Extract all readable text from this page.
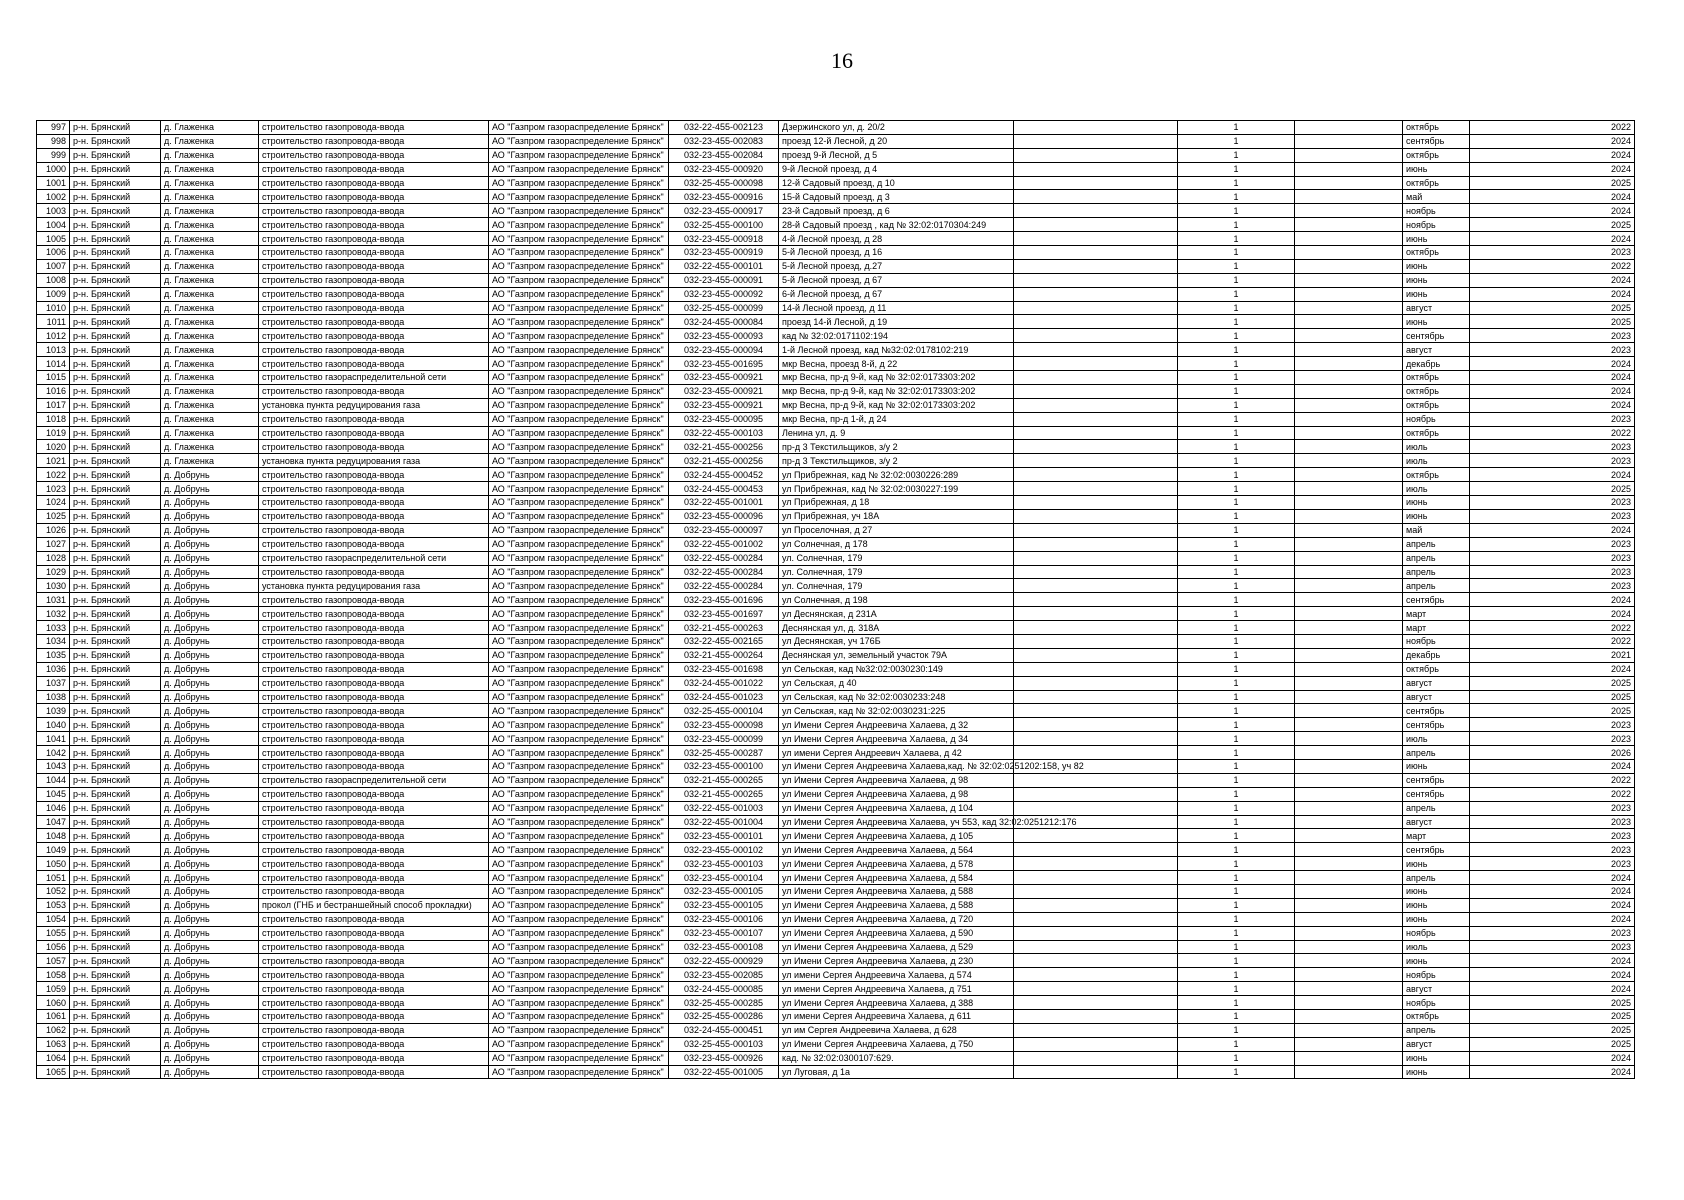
16
997	р-н. Брянский	д. Глаженка	строительство газопровода-ввода	АО "Газпром газораспределение Брянск"	032-22-455-002123	Дзержинского ул, д. 20/2		1		октябрь	2022
998	р-н. Брянский	д. Глаженка	строительство газопровода-ввода	АО "Газпром газораспределение Брянск"	032-23-455-002083	проезд 12-й Лесной, д 20		1		сентябрь	2024
999	р-н. Брянский	д. Глаженка	строительство газопровода-ввода	АО "Газпром газораспределение Брянск"	032-23-455-002084	проезд 9-й Лесной, д 5		1		октябрь	2024
1000	р-н. Брянский	д. Глаженка	строительство газопровода-ввода	АО "Газпром газораспределение Брянск"	032-23-455-000920	9-й Лесной проезд, д 4		1		июнь	2024
1001	р-н. Брянский	д. Глаженка	строительство газопровода-ввода	АО "Газпром газораспределение Брянск"	032-25-455-000098	12-й Садовый проезд, д 10		1		октябрь	2025
1002	р-н. Брянский	д. Глаженка	строительство газопровода-ввода	АО "Газпром газораспределение Брянск"	032-23-455-000916	15-й Садовый проезд, д 3		1		май	2024
1003	р-н. Брянский	д. Глаженка	строительство газопровода-ввода	АО "Газпром газораспределение Брянск"	032-23-455-000917	23-й Садовый проезд, д 6		1		ноябрь	2024
1004	р-н. Брянский	д. Глаженка	строительство газопровода-ввода	АО "Газпром газораспределение Брянск"	032-25-455-000100	28-й Садовый проезд , кад № 32:02:0170304:249		1		ноябрь	2025
1005	р-н. Брянский	д. Глаженка	строительство газопровода-ввода	АО "Газпром газораспределение Брянск"	032-23-455-000918	4-й Лесной проезд, д 28		1		июнь	2024
1006	р-н. Брянский	д. Глаженка	строительство газопровода-ввода	АО "Газпром газораспределение Брянск"	032-23-455-000919	5-й Лесной проезд, д 16		1		октябрь	2023
1007	р-н. Брянский	д. Глаженка	строительство газопровода-ввода	АО "Газпром газораспределение Брянск"	032-22-455-000101	5-й Лесной проезд, д.27		1		июнь	2022
1008	р-н. Брянский	д. Глаженка	строительство газопровода-ввода	АО "Газпром газораспределение Брянск"	032-23-455-000091	5-й Лесной проезд, д 67		1		июнь	2024
1009	р-н. Брянский	д. Глаженка	строительство газопровода-ввода	АО "Газпром газораспределение Брянск"	032-23-455-000092	6-й Лесной проезд, д 67		1		июнь	2024
1010	р-н. Брянский	д. Глаженка	строительство газопровода-ввода	АО "Газпром газораспределение Брянск"	032-25-455-000099	14-й Лесной проезд, д 11		1		август	2025
1011	р-н. Брянский	д. Глаженка	строительство газопровода-ввода	АО "Газпром газораспределение Брянск"	032-24-455-000084	проезд 14-й Лесной, д 19		1		июнь	2025
1012	р-н. Брянский	д. Глаженка	строительство газопровода-ввода	АО "Газпром газораспределение Брянск"	032-23-455-000093	кад № 32:02:0171102:194		1		сентябрь	2023
1013	р-н. Брянский	д. Глаженка	строительство газопровода-ввода	АО "Газпром газораспределение Брянск"	032-23-455-000094	1-й Лесной проезд, кад №32:02:0178102:219		1		август	2023
1014	р-н. Брянский	д. Глаженка	строительство газопровода-ввода	АО "Газпром газораспределение Брянск"	032-23-455-001695	мкр Весна, проезд 8-й, д 22		1		декабрь	2024
1015	р-н. Брянский	д. Глаженка	строительство газораспределительной сети	АО "Газпром газораспределение Брянск"	032-23-455-000921	мкр Весна, пр-д 9-й, кад № 32:02:0173303:202		1		октябрь	2024
1016	р-н. Брянский	д. Глаженка	строительство газопровода-ввода	АО "Газпром газораспределение Брянск"	032-23-455-000921	мкр Весна, пр-д 9-й, кад № 32:02:0173303:202		1		октябрь	2024
1017	р-н. Брянский	д. Глаженка	установка пункта редуцирования газа	АО "Газпром газораспределение Брянск"	032-23-455-000921	мкр Весна, пр-д 9-й, кад № 32:02:0173303:202		1		октябрь	2024
1018	р-н. Брянский	д. Глаженка	строительство газопровода-ввода	АО "Газпром газораспределение Брянск"	032-23-455-000095	мкр Весна, пр-д 1-й, д 24		1		ноябрь	2023
1019	р-н. Брянский	д. Глаженка	строительство газопровода-ввода	АО "Газпром газораспределение Брянск"	032-22-455-000103	Ленина ул, д. 9		1		октябрь	2022
1020	р-н. Брянский	д. Глаженка	строительство газопровода-ввода	АО "Газпром газораспределение Брянск"	032-21-455-000256	пр-д 3 Текстильщиков, з/у 2		1		июль	2023
1021	р-н. Брянский	д. Глаженка	установка пункта редуцирования газа	АО "Газпром газораспределение Брянск"	032-21-455-000256	пр-д 3 Текстильщиков, з/у 2		1		июль	2023
1022	р-н. Брянский	д. Добрунь	строительство газопровода-ввода	АО "Газпром газораспределение Брянск"	032-24-455-000452	ул Прибрежная, кад № 32:02:0030226:289		1		октябрь	2024
1023	р-н. Брянский	д. Добрунь	строительство газопровода-ввода	АО "Газпром газораспределение Брянск"	032-24-455-000453	ул Прибрежная, кад № 32:02:0030227:199		1		июль	2025
1024	р-н. Брянский	д. Добрунь	строительство газопровода-ввода	АО "Газпром газораспределение Брянск"	032-22-455-001001	ул Прибрежная, д 18		1		июнь	2023
1025	р-н. Брянский	д. Добрунь	строительство газопровода-ввода	АО "Газпром газораспределение Брянск"	032-23-455-000096	ул Прибрежная, уч 18А		1		июнь	2023
1026	р-н. Брянский	д. Добрунь	строительство газопровода-ввода	АО "Газпром газораспределение Брянск"	032-23-455-000097	ул Проселочная, д 27		1		май	2024
1027	р-н. Брянский	д. Добрунь	строительство газопровода-ввода	АО "Газпром газораспределение Брянск"	032-22-455-001002	ул Солнечная, д 178		1		апрель	2023
1028	р-н. Брянский	д. Добрунь	строительство газораспределительной сети	АО "Газпром газораспределение Брянск"	032-22-455-000284	ул. Солнечная, 179		1		апрель	2023
1029	р-н. Брянский	д. Добрунь	строительство газопровода-ввода	АО "Газпром газораспределение Брянск"	032-22-455-000284	ул. Солнечная, 179		1		апрель	2023
1030	р-н. Брянский	д. Добрунь	установка пункта редуцирования газа	АО "Газпром газораспределение Брянск"	032-22-455-000284	ул. Солнечная, 179		1		апрель	2023
1031	р-н. Брянский	д. Добрунь	строительство газопровода-ввода	АО "Газпром газораспределение Брянск"	032-23-455-001696	ул Солнечная, д 198		1		сентябрь	2024
1032	р-н. Брянский	д. Добрунь	строительство газопровода-ввода	АО "Газпром газораспределение Брянск"	032-23-455-001697	ул Деснянская, д 231А		1		март	2024
1033	р-н. Брянский	д. Добрунь	строительство газопровода-ввода	АО "Газпром газораспределение Брянск"	032-21-455-000263	Деснянская ул, д. 318А		1		март	2022
1034	р-н. Брянский	д. Добрунь	строительство газопровода-ввода	АО "Газпром газораспределение Брянск"	032-22-455-002165	ул Деснянская, уч 176Б		1		ноябрь	2022
1035	р-н. Брянский	д. Добрунь	строительство газопровода-ввода	АО "Газпром газораспределение Брянск"	032-21-455-000264	Деснянская ул, земельный участок 79А		1		декабрь	2021
1036	р-н. Брянский	д. Добрунь	строительство газопровода-ввода	АО "Газпром газораспределение Брянск"	032-23-455-001698	ул Сельская, кад №32:02:0030230:149		1		октябрь	2024
1037	р-н. Брянский	д. Добрунь	строительство газопровода-ввода	АО "Газпром газораспределение Брянск"	032-24-455-001022	ул Сельская, д 40		1		август	2025
1038	р-н. Брянский	д. Добрунь	строительство газопровода-ввода	АО "Газпром газораспределение Брянск"	032-24-455-001023	ул Сельская, кад № 32:02:0030233:248		1		август	2025
1039	р-н. Брянский	д. Добрунь	строительство газопровода-ввода	АО "Газпром газораспределение Брянск"	032-25-455-000104	ул Сельская, кад № 32:02:0030231:225		1		сентябрь	2025
1040	р-н. Брянский	д. Добрунь	строительство газопровода-ввода	АО "Газпром газораспределение Брянск"	032-23-455-000098	ул Имени Сергея Андреевича Халаева, д 32		1		сентябрь	2023
1041	р-н. Брянский	д. Добрунь	строительство газопровода-ввода	АО "Газпром газораспределение Брянск"	032-23-455-000099	ул Имени Сергея Андреевича Халаева, д 34		1		июль	2023
1042	р-н. Брянский	д. Добрунь	строительство газопровода-ввода	АО "Газпром газораспределение Брянск"	032-25-455-000287	ул имени Сергея Андреевич Халаева, д 42		1		апрель	2026
1043	р-н. Брянский	д. Добрунь	строительство газопровода-ввода	АО "Газпром газораспределение Брянск"	032-23-455-000100	ул Имени Сергея Андреевича Халаева,кад. № 32:02:0251202:158, уч 82		1		июнь	2024
1044	р-н. Брянский	д. Добрунь	строительство газораспределительной сети	АО "Газпром газораспределение Брянск"	032-21-455-000265	ул Имени Сергея Андреевича Халаева, д 98		1		сентябрь	2022
1045	р-н. Брянский	д. Добрунь	строительство газопровода-ввода	АО "Газпром газораспределение Брянск"	032-21-455-000265	ул Имени Сергея Андреевича Халаева, д 98		1		сентябрь	2022
1046	р-н. Брянский	д. Добрунь	строительство газопровода-ввода	АО "Газпром газораспределение Брянск"	032-22-455-001003	ул Имени Сергея Андреевича Халаева, д 104		1		апрель	2023
1047	р-н. Брянский	д. Добрунь	строительство газопровода-ввода	АО "Газпром газораспределение Брянск"	032-22-455-001004	ул Имени Сергея Андреевича Халаева, уч 553, кад 32:02:0251212:176		1		август	2023
1048	р-н. Брянский	д. Добрунь	строительство газопровода-ввода	АО "Газпром газораспределение Брянск"	032-23-455-000101	ул Имени Сергея Андреевича Халаева, д 105		1		март	2023
1049	р-н. Брянский	д. Добрунь	строительство газопровода-ввода	АО "Газпром газораспределение Брянск"	032-23-455-000102	ул Имени Сергея Андреевича Халаева, д 564		1		сентябрь	2023
1050	р-н. Брянский	д. Добрунь	строительство газопровода-ввода	АО "Газпром газораспределение Брянск"	032-23-455-000103	ул Имени Сергея Андреевича Халаева, д 578		1		июнь	2023
1051	р-н. Брянский	д. Добрунь	строительство газопровода-ввода	АО "Газпром газораспределение Брянск"	032-23-455-000104	ул Имени Сергея Андреевича Халаева, д 584		1		апрель	2024
1052	р-н. Брянский	д. Добрунь	строительство газопровода-ввода	АО "Газпром газораспределение Брянск"	032-23-455-000105	ул Имени Сергея Андреевича Халаева, д 588		1		июнь	2024
1053	р-н. Брянский	д. Добрунь	прокол (ГНБ и бестраншейный способ прокладки)	АО "Газпром газораспределение Брянск"	032-23-455-000105	ул Имени Сергея Андреевича Халаева, д 588		1		июнь	2024
1054	р-н. Брянский	д. Добрунь	строительство газопровода-ввода	АО "Газпром газораспределение Брянск"	032-23-455-000106	ул Имени Сергея Андреевича Халаева, д 720		1		июнь	2024
1055	р-н. Брянский	д. Добрунь	строительство газопровода-ввода	АО "Газпром газораспределение Брянск"	032-23-455-000107	ул Имени Сергея Андреевича Халаева, д 590		1		ноябрь	2023
1056	р-н. Брянский	д. Добрунь	строительство газопровода-ввода	АО "Газпром газораспределение Брянск"	032-23-455-000108	ул Имени Сергея Андреевича Халаева, д 529		1		июль	2023
1057	р-н. Брянский	д. Добрунь	строительство газопровода-ввода	АО "Газпром газораспределение Брянск"	032-22-455-000929	ул Имени Сергея Андреевича Халаева, д 230		1		июнь	2024
1058	р-н. Брянский	д. Добрунь	строительство газопровода-ввода	АО "Газпром газораспределение Брянск"	032-23-455-002085	ул имени Сергея Андреевича Халаева, д 574		1		ноябрь	2024
1059	р-н. Брянский	д. Добрунь	строительство газопровода-ввода	АО "Газпром газораспределение Брянск"	032-24-455-000085	ул имени Сергея Андреевича Халаева, д 751		1		август	2024
1060	р-н. Брянский	д. Добрунь	строительство газопровода-ввода	АО "Газпром газораспределение Брянск"	032-25-455-000285	ул Имени Сергея Андреевича Халаева, д 388		1		ноябрь	2025
1061	р-н. Брянский	д. Добрунь	строительство газопровода-ввода	АО "Газпром газораспределение Брянск"	032-25-455-000286	ул имени Сергея Андреевича Халаева, д 611		1		октябрь	2025
1062	р-н. Брянский	д. Добрунь	строительство газопровода-ввода	АО "Газпром газораспределение Брянск"	032-24-455-000451	ул им Сергея Андреевича Халаева, д 628		1		апрель	2025
1063	р-н. Брянский	д. Добрунь	строительство газопровода-ввода	АО "Газпром газораспределение Брянск"	032-25-455-000103	ул Имени Сергея Андреевича Халаева, д 750		1		август	2025
1064	р-н. Брянский	д. Добрунь	строительство газопровода-ввода	АО "Газпром газораспределение Брянск"	032-23-455-000926	кад. № 32:02:0300107:629.		1		июнь	2024
1065	р-н. Брянский	д. Добрунь	строительство газопровода-ввода	АО "Газпром газораспределение Брянск"	032-22-455-001005	ул Луговая, д 1а		1		июнь	2024
